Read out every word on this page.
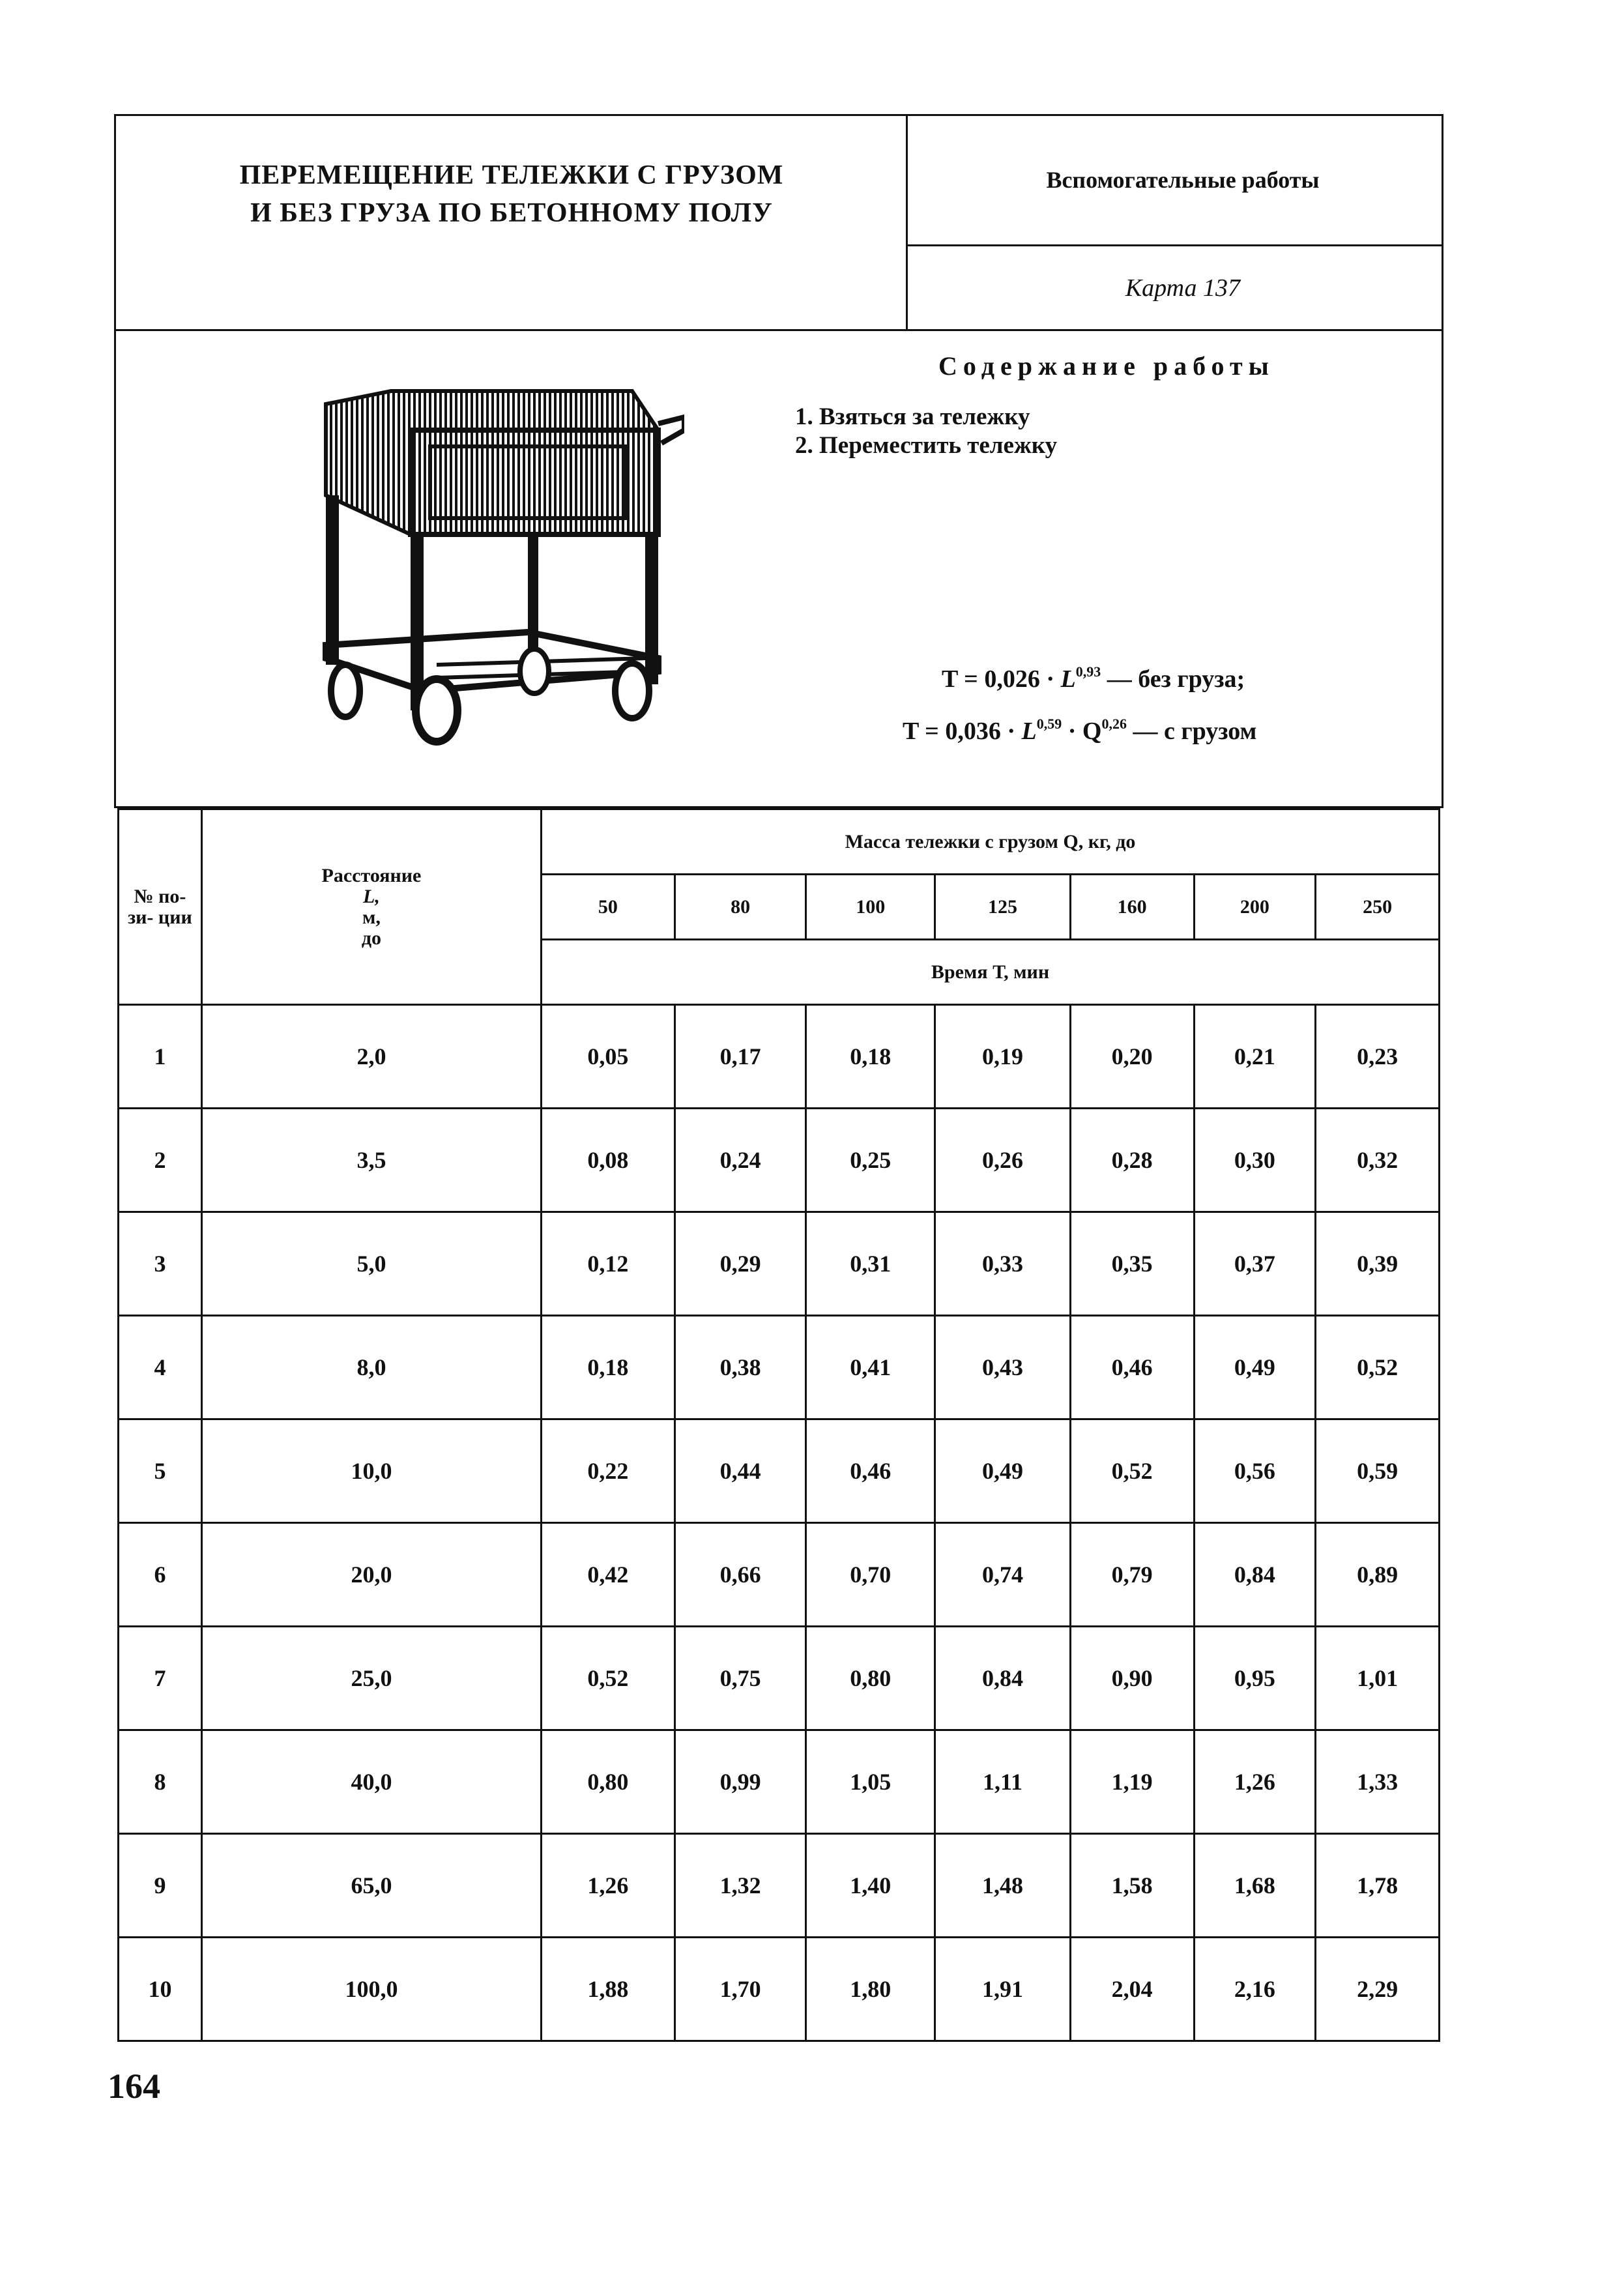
ПЕРЕМЕЩЕНИЕ ТЕЛЕЖКИ С ГРУЗОМ
И БЕЗ ГРУЗА ПО БЕТОННОМУ ПОЛУ
Вспомогательные работы
Карта 137
Содержание работы
1. Взяться за тележку
2. Переместить тележку
T = 0,026 · L$^{0,93}$ — без груза;
T = 0,036 · L$^{0,59}$ · Q$^{0,26}$ — с грузом
№ по- зи- ции	Расстояние
L,
м,
до	Масса тележки с грузом Q, кг, до						
		50	80	100	125	160	200	250
		Время Т, мин						
1	2,0	0,05	0,17	0,18	0,19	0,20	0,21	0,23
2	3,5	0,08	0,24	0,25	0,26	0,28	0,30	0,32
3	5,0	0,12	0,29	0,31	0,33	0,35	0,37	0,39
4	8,0	0,18	0,38	0,41	0,43	0,46	0,49	0,52
5	10,0	0,22	0,44	0,46	0,49	0,52	0,56	0,59
6	20,0	0,42	0,66	0,70	0,74	0,79	0,84	0,89
7	25,0	0,52	0,75	0,80	0,84	0,90	0,95	1,01
8	40,0	0,80	0,99	1,05	1,11	1,19	1,26	1,33
9	65,0	1,26	1,32	1,40	1,48	1,58	1,68	1,78
10	100,0	1,88	1,70	1,80	1,91	2,04	2,16	2,29
164
